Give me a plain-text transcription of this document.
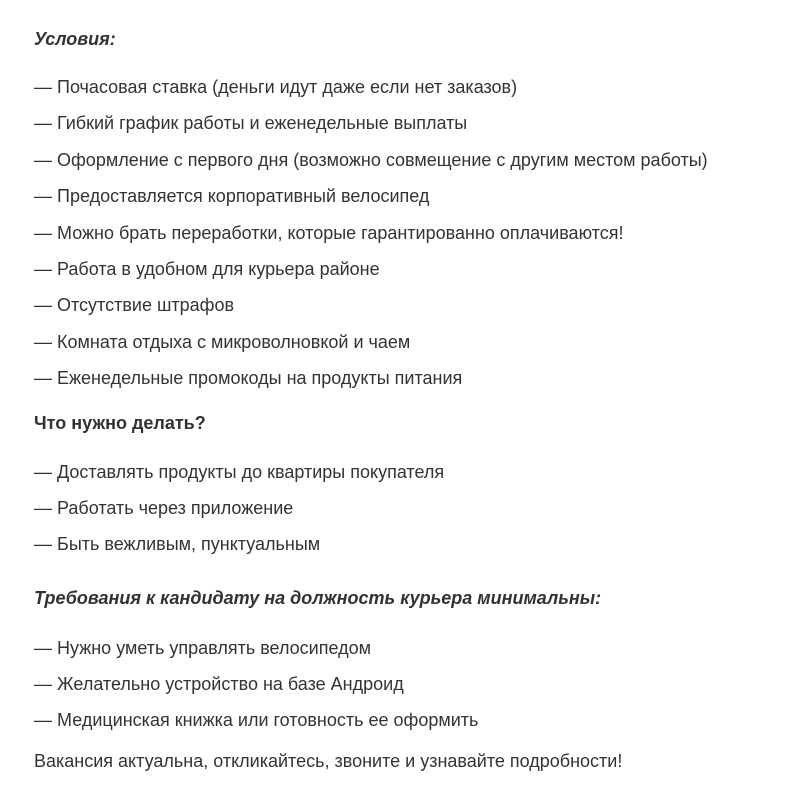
Условия:
— Почасовая ставка (деньги идут даже если нет заказов)
— Гибкий график работы и еженедельные выплаты
— Оформление с первого дня (возможно совмещение с другим местом работы)
— Предоставляется корпоративный велосипед
— Можно брать переработки, которые гарантированно оплачиваются!
— Работа в удобном для курьера районе
— Отсутствие штрафов
— Комната отдыха с микроволновкой и чаем
— Еженедельные промокоды на продукты питания
Что нужно делать?
— Доставлять продукты до квартиры покупателя
— Работать через приложение
— Быть вежливым, пунктуальным
Требования к кандидату на должность курьера минимальны:
— Нужно уметь управлять велосипедом
— Желательно устройство на базе Андроид
— Медицинская книжка или готовность ее оформить

Вакансия актуальна, откликайтесь, звоните и узнавайте подробности!
